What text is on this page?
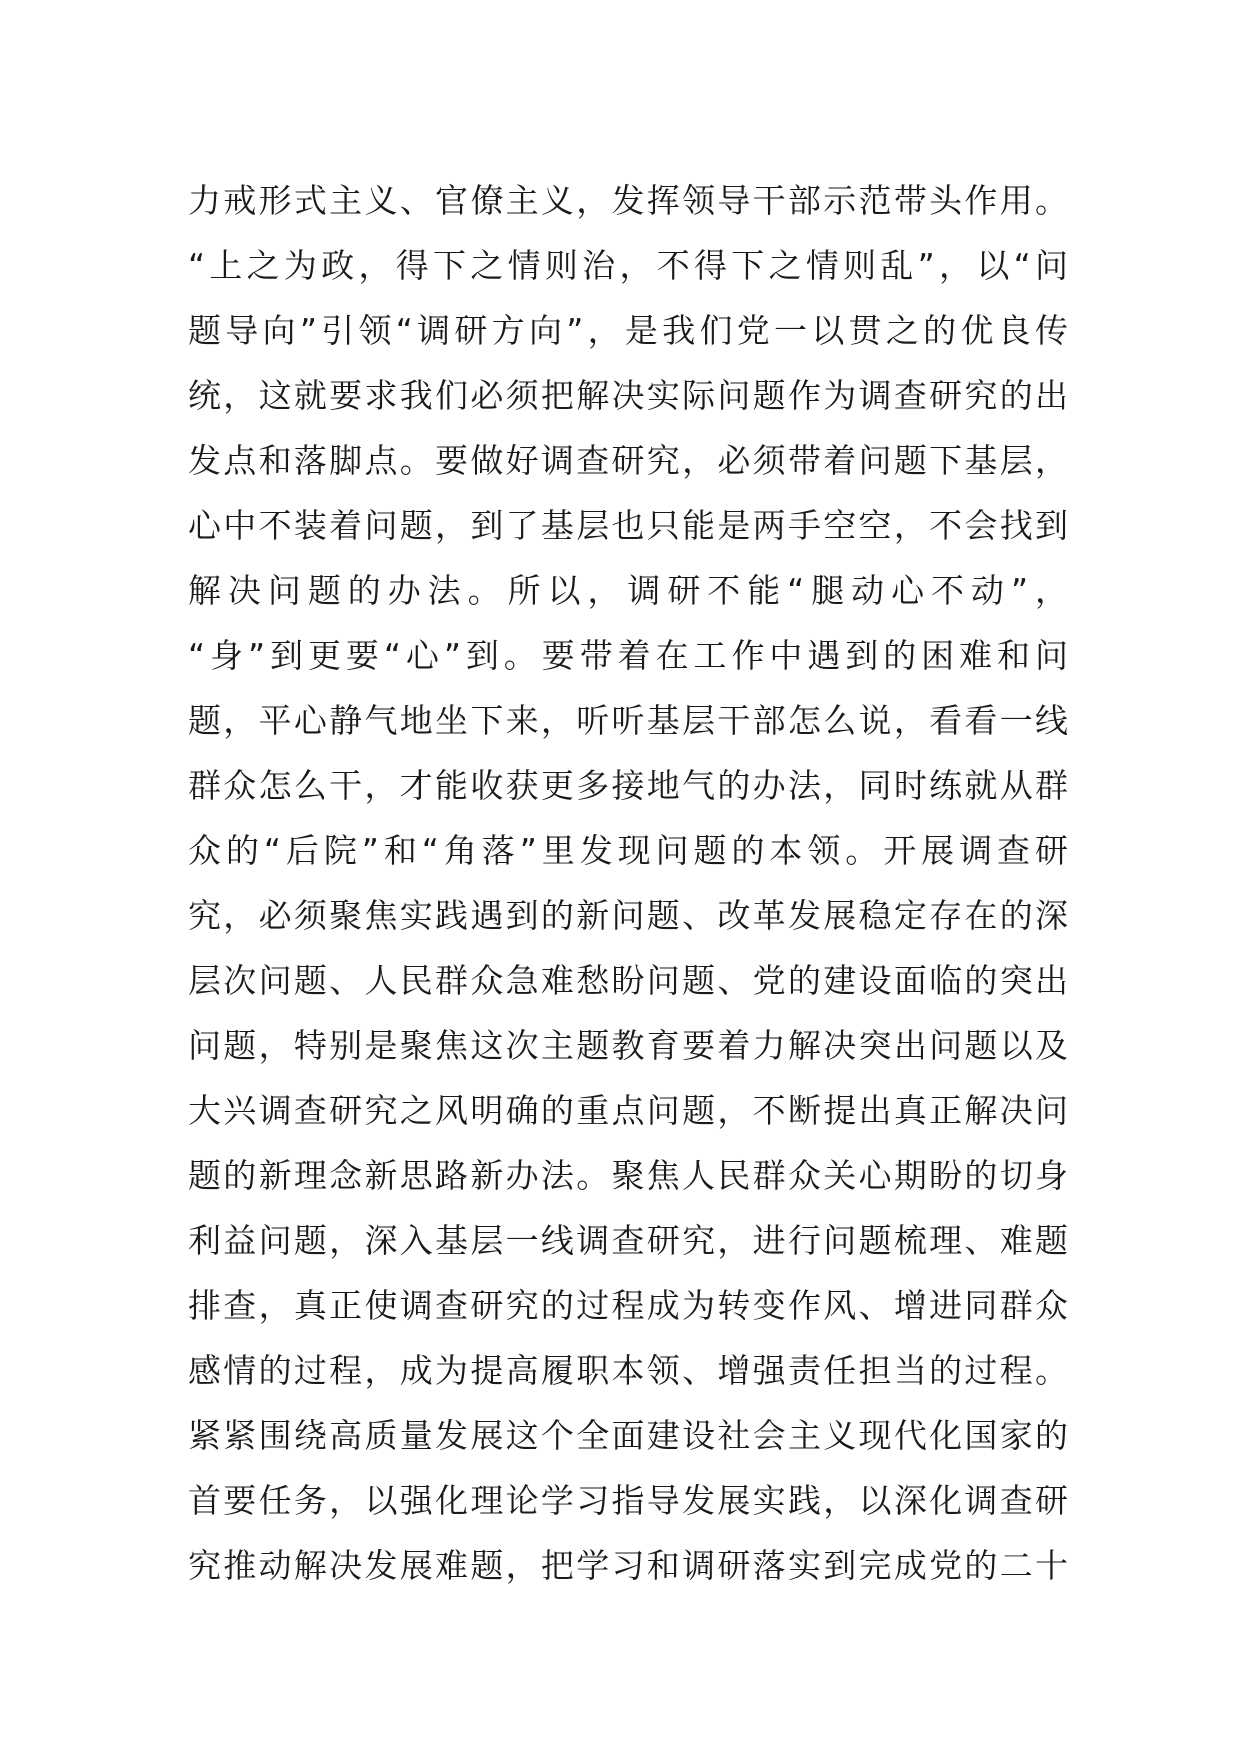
力戒形式主义、官僚主义，发挥领导干部示范带头作用。
“上之为政，得下之情则治，不得下之情则乱”，以“问
题导向”引领“调研方向”，是我们党一以贯之的优良传
统，这就要求我们必须把解决实际问题作为调查研究的出
发点和落脚点。要做好调查研究，必须带着问题下基层，
心中不装着问题，到了基层也只能是两手空空，不会找到
解决问题的办法。所以，调研不能“腿动心不动”，
“身”到更要“心”到。要带着在工作中遇到的困难和问
题，平心静气地坐下来，听听基层干部怎么说，看看一线
群众怎么干，才能收获更多接地气的办法，同时练就从群
众的“后院”和“角落”里发现问题的本领。开展调查研
究，必须聚焦实践遇到的新问题、改革发展稳定存在的深
层次问题、人民群众急难愁盼问题、党的建设面临的突出
问题，特别是聚焦这次主题教育要着力解决突出问题以及
大兴调查研究之风明确的重点问题，不断提出真正解决问
题的新理念新思路新办法。聚焦人民群众关心期盼的切身
利益问题，深入基层一线调查研究，进行问题梳理、难题
排查，真正使调查研究的过程成为转变作风、增进同群众
感情的过程，成为提高履职本领、增强责任担当的过程。
紧紧围绕高质量发展这个全面建设社会主义现代化国家的
首要任务，以强化理论学习指导发展实践，以深化调查研
究推动解决发展难题，把学习和调研落实到完成党的二十
